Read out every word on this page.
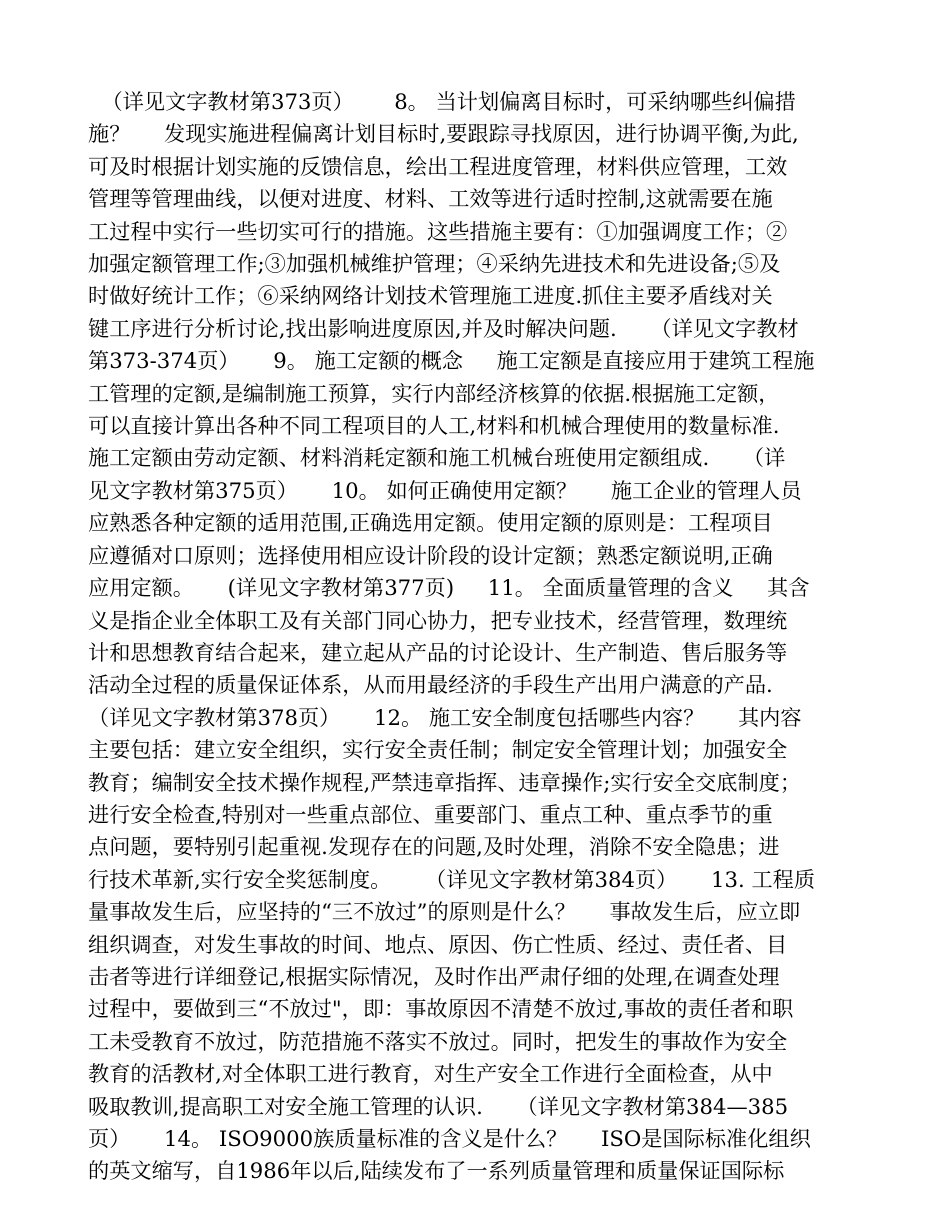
（详见文字教材第373页）      8。 当计划偏离目标时，可采纳哪些纠偏措
施？     发现实施进程偏离计划目标时,要跟踪寻找原因，进行协调平衡,为此,
可及时根据计划实施的反馈信息，绘出工程进度管理，材料供应管理，工效
管理等管理曲线，以便对进度、材料、工效等进行适时控制,这就需要在施
工过程中实行一些切实可行的措施。这些措施主要有：①加强调度工作；②
加强定额管理工作;③加强机械维护管理；④采纳先进技术和先进设备;⑤及
时做好统计工作；⑥采纳网络计划技术管理施工进度.抓住主要矛盾线对关
键工序进行分析讨论,找出影响进度原因,并及时解决问题.     （详见文字教材
第373-374页）     9。 施工定额的概念     施工定额是直接应用于建筑工程施
工管理的定额,是编制施工预算，实行内部经济核算的依据.根据施工定额，
可以直接计算出各种不同工程项目的人工,材料和机械合理使用的数量标准.
施工定额由劳动定额、材料消耗定额和施工机械台班使用定额组成.     （详
见文字教材第375页）     10。 如何正确使用定额？     施工企业的管理人员
应熟悉各种定额的适用范围,正确选用定额。使用定额的原则是：工程项目
应遵循对口原则；选择使用相应设计阶段的设计定额；熟悉定额说明,正确
应用定额。     (详见文字教材第377页)     11。 全面质量管理的含义     其含
义是指企业全体职工及有关部门同心协力，把专业技术，经营管理，数理统
计和思想教育结合起来，建立起从产品的讨论设计、生产制造、售后服务等
活动全过程的质量保证体系，从而用最经济的手段生产出用户满意的产品.
（详见文字教材第378页）     12。 施工安全制度包括哪些内容？     其内容
主要包括：建立安全组织，实行安全责任制；制定安全管理计划；加强安全
教育；编制安全技术操作规程,严禁违章指挥、违章操作;实行安全交底制度；
进行安全检查,特别对一些重点部位、重要部门、重点工种、重点季节的重
点问题，要特别引起重视.发现存在的问题,及时处理，消除不安全隐患；进
行技术革新,实行安全奖惩制度。     （详见文字教材第384页）     13. 工程质
量事故发生后，应坚持的“三不放过”的原则是什么？     事故发生后，应立即
组织调查，对发生事故的时间、地点、原因、伤亡性质、经过、责任者、目
击者等进行详细登记,根据实际情况，及时作出严肃仔细的处理,在调查处理
过程中，要做到三“不放过"，即：事故原因不清楚不放过,事故的责任者和职
工未受教育不放过，防范措施不落实不放过。同时，把发生的事故作为安全
教育的活教材,对全体职工进行教育，对生产安全工作进行全面检查，从中
吸取教训,提高职工对安全施工管理的认识.     （详见文字教材第384—385
页）     14。 ISO9000族质量标准的含义是什么？     ISO是国际标准化组织
的英文缩写，自1986年以后,陆续发布了一系列质量管理和质量保证国际标
